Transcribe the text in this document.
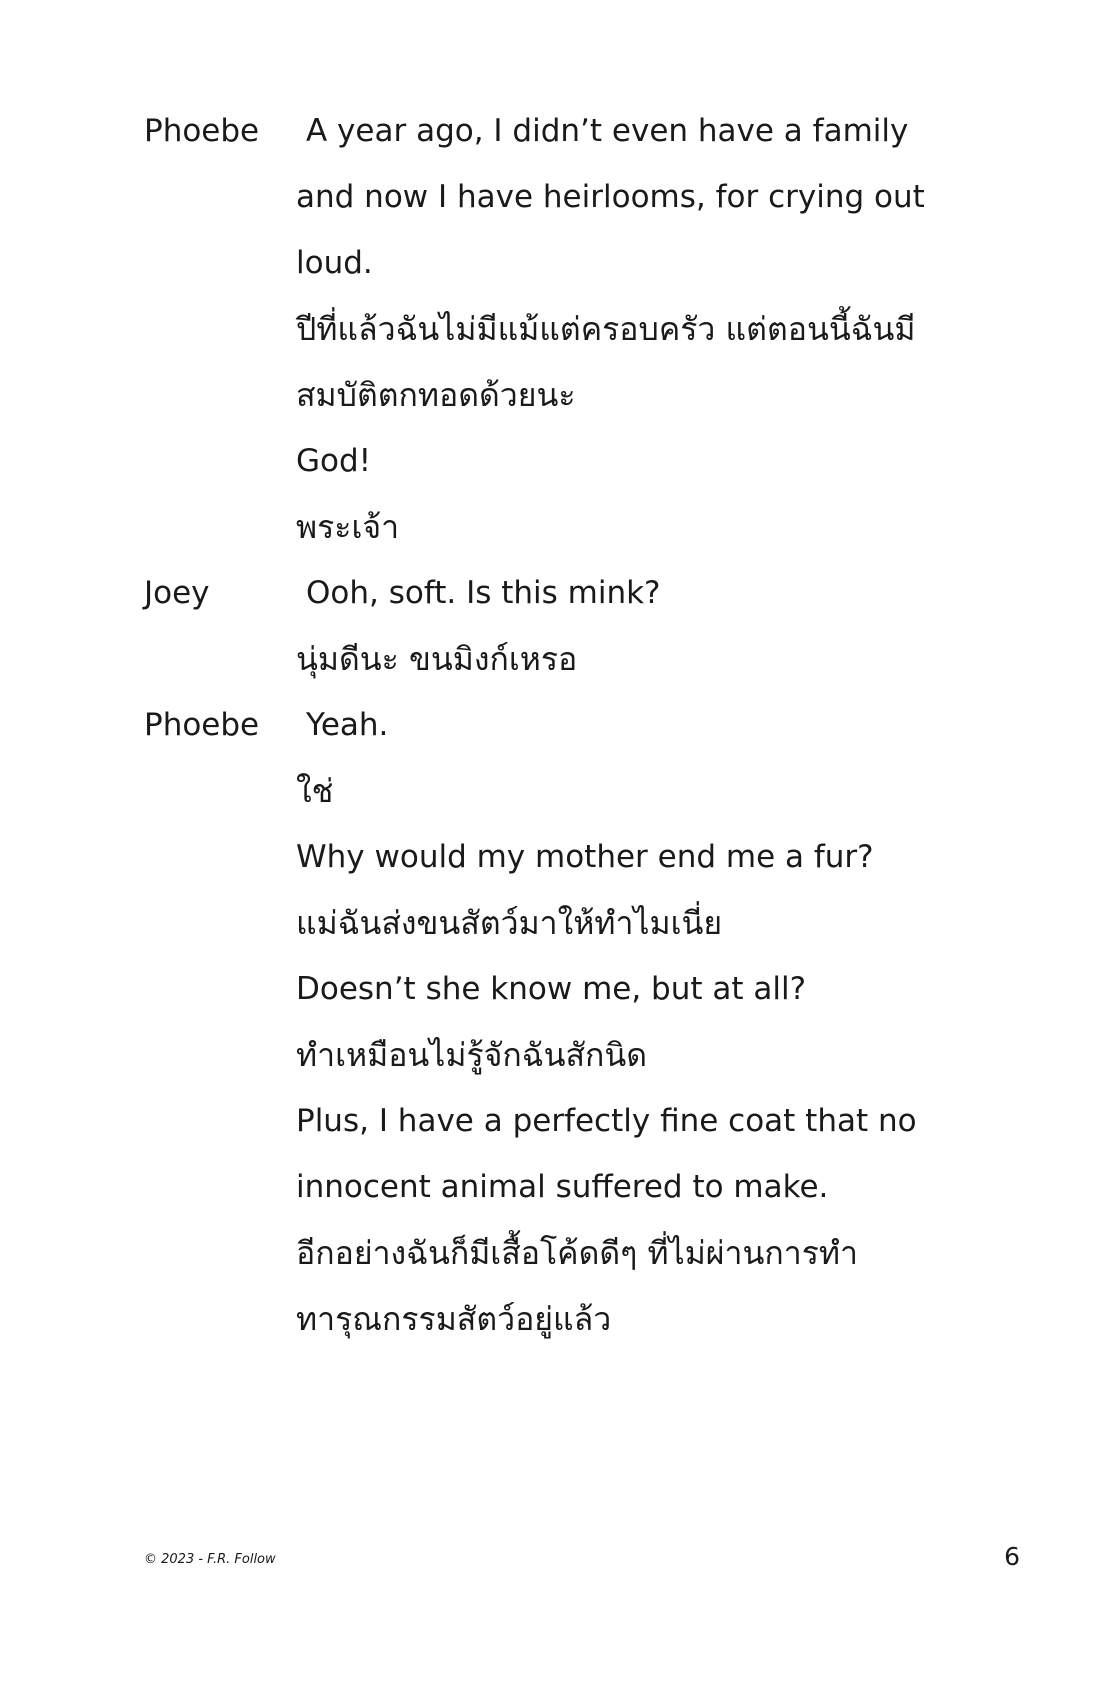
Phoebe	A year ago, I didn’t even have a family
and now I have heirlooms, for crying out
loud.
ปีที่แล้วฉันไม่มีแม้แต่ครอบครัว แต่ตอนนี้ฉันมี
สมบัติตกทอดด้วยนะ
God!
พระเจ้า
Joey	Ooh, soft. Is this mink?
นุ่มดีนะ ขนมิงก์เหรอ
Phoebe	Yeah.
ใช่
Why would my mother end me a fur?
แม่ฉันส่งขนสัตว์มาให้ทำไมเนี่ย
Doesn’t she know me, but at all?
ทำเหมือนไม่รู้จักฉันสักนิด
Plus, I have a perfectly fine coat that no
innocent animal suffered to make.
อีกอย่างฉันก็มีเสื้อโค้ดดีๆ ที่ไม่ผ่านการทำ
ทารุณกรรมสัตว์อยู่แล้ว
© 2023 - F.R. Follow	6
